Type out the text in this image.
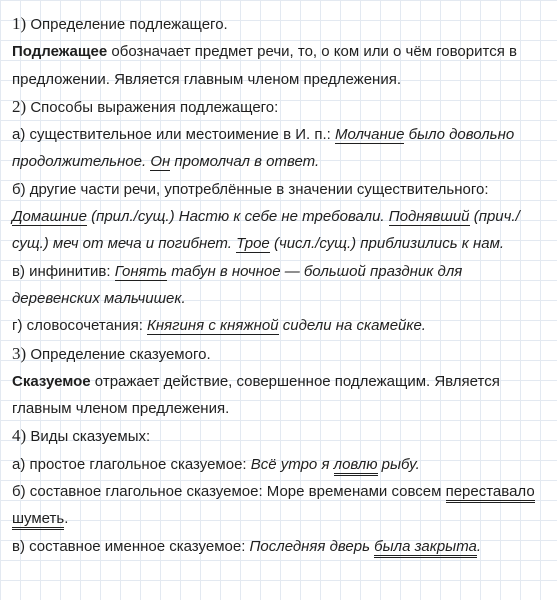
1) Определение подлежащего.
Подлежащее обозначает предмет речи, то, о ком или о чём говорится в
предложении. Является главным членом предлежения.
2) Способы выражения подлежащего:
а) существительное или местоимение в И. п.: Молчание было довольно
продолжительное. Он промолчал в ответ.
б) другие части речи, употреблённые в значении существительного:
Домашние (прил./сущ.) Настю к себе не требовали. Поднявший (прич./
сущ.) меч от меча и погибнет. Трое (числ./сущ.) приблизились к нам.
в) инфинитив: Гонять табун в ночное — большой праздник для
деревенских мальчишек.
г) словосочетания: Княгиня с княжной сидели на скамейке.
3) Определение сказуемого.
Сказуемое отражает действие, совершенное подлежащим. Является
главным членом предлежения.
4) Виды сказуемых:
а) простое глагольное сказуемое: Всё утро я ловлю рыбу.
б) составное глагольное сказуемое: Море временами совсем переставало
шуметь.
в) составное именное сказуемое: Последняя дверь была закрыта.
